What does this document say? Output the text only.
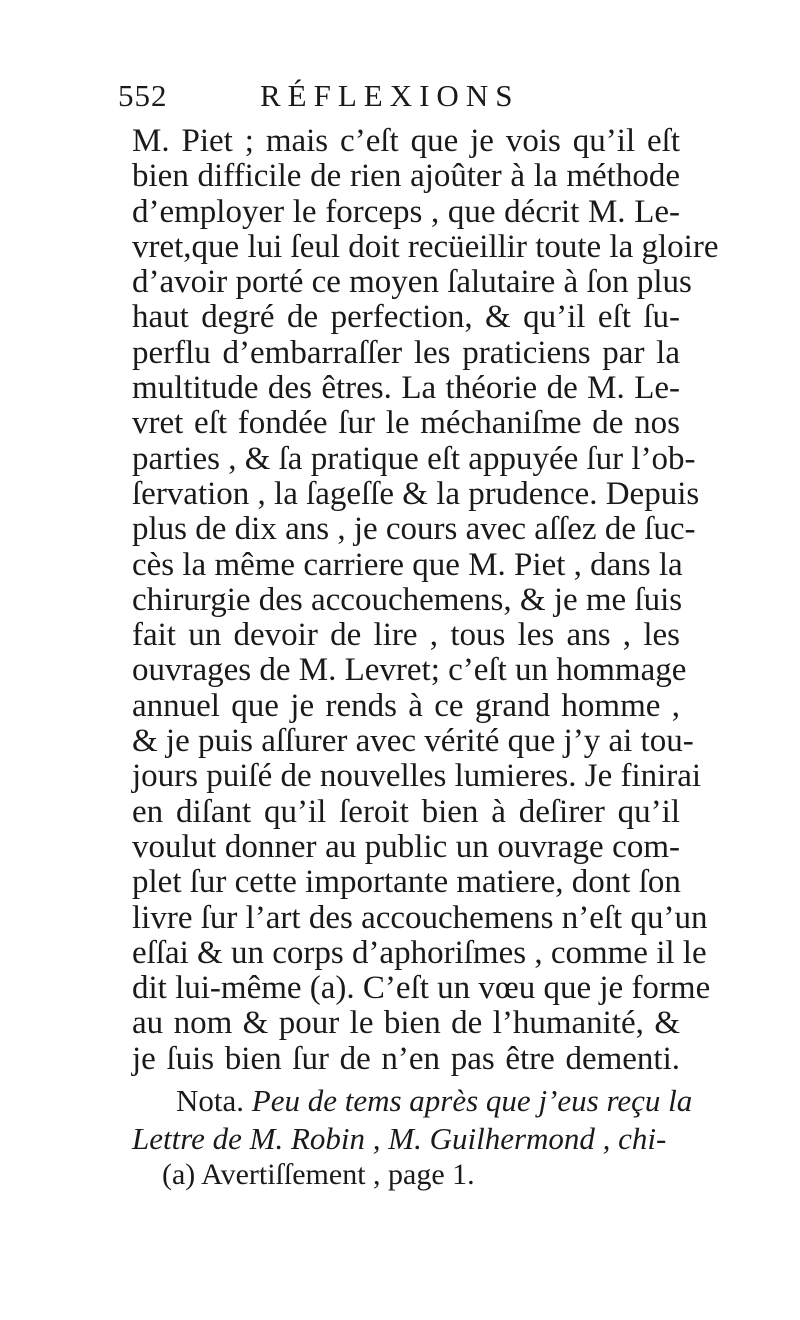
552	RÉFLEXIONS
M. Piet ; mais c’eſt que je vois qu’il eſt
bien difficile de rien ajoûter à la méthode
d’employer le forceps , que décrit M. Le-
vret,que lui ſeul doit recüeillir toute la gloire
d’avoir porté ce moyen ſalutaire à ſon plus
haut degré de perfection, & qu’il eſt ſu-
perflu d’embarraſſer les praticiens par la
multitude des êtres. La théorie de M. Le-
vret eſt fondée ſur le méchaniſme de nos
parties , & ſa pratique eſt appuyée ſur l’ob-
ſervation , la ſageſſe & la prudence. Depuis
plus de dix ans , je cours avec aſſez de ſuc-
cès la même carriere que M. Piet , dans la
chirurgie des accouchemens, & je me ſuis
fait un devoir de lire , tous les ans , les
ouvrages de M. Levret; c’eſt un hommage
annuel que je rends à ce grand homme ,
& je puis aſſurer avec vérité que j’y ai tou-
jours puiſé de nouvelles lumieres. Je finirai
en diſant qu’il ſeroit bien à deſirer qu’il
voulut donner au public un ouvrage com-
plet ſur cette importante matiere, dont ſon
livre ſur l’art des accouchemens n’eſt qu’un
eſſai & un corps d’aphoriſmes , comme il le
dit lui-même (a). C’eſt un vœu que je forme
au nom & pour le bien de l’humanité, &
je ſuis bien ſur de n’en pas être dementi.
Nota. Peu de tems après que j’eus reçu la
Lettre de M. Robin , M. Guilhermond , chi-
(a) Avertiſſement , page 1.
